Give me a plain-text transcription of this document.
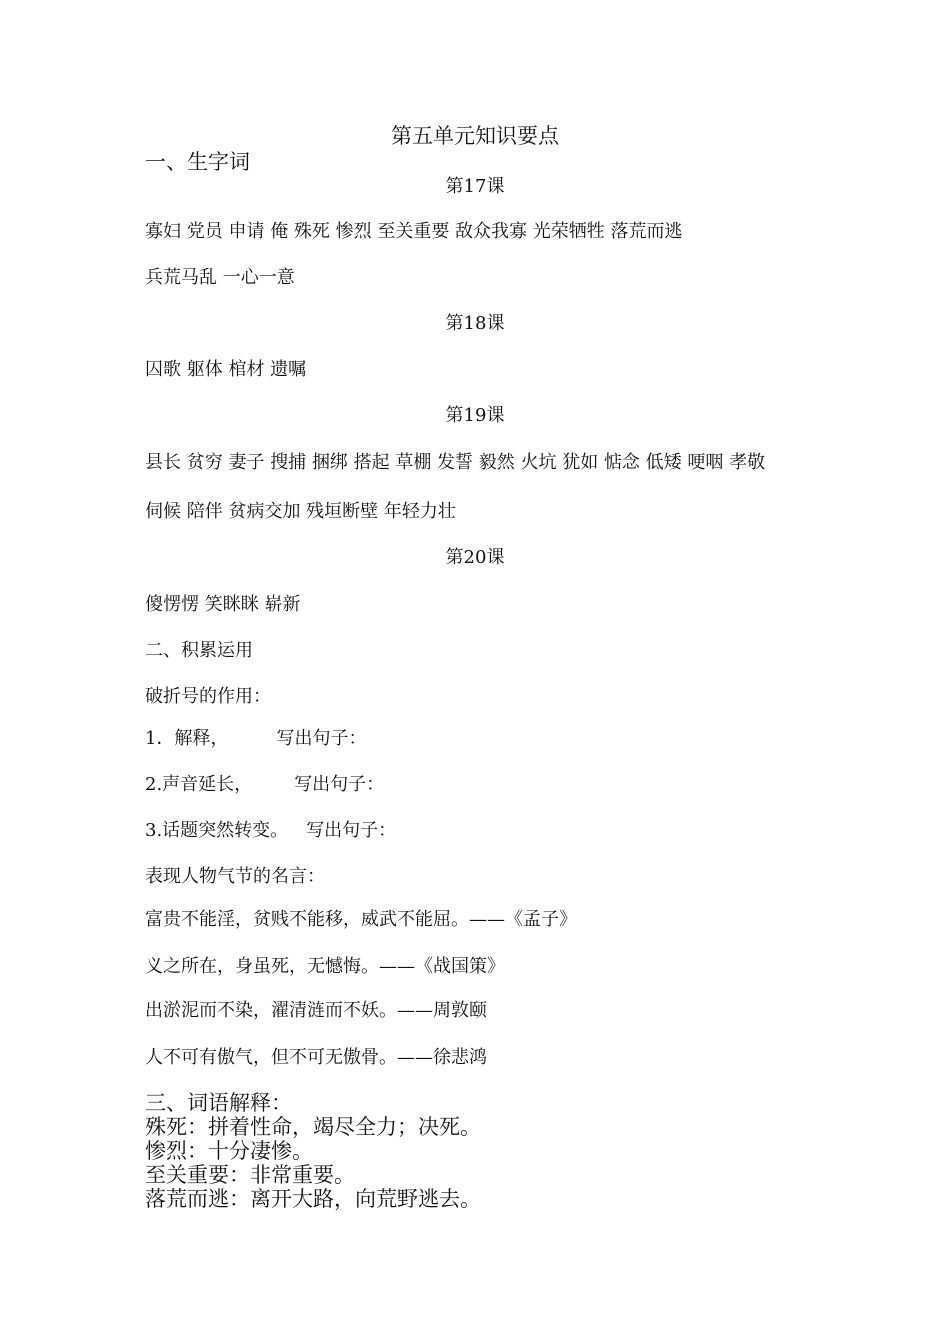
第五单元知识要点
一、生字词
第17课
寡妇 党员 申请 俺 殊死 惨烈 至关重要 敌众我寡 光荣牺牲 落荒而逃
兵荒马乱 一心一意
第18课
囚歌 躯体 棺材 遗嘱
第19课
县长 贫穷 妻子 搜捕 捆绑 搭起 草棚 发誓 毅然 火坑 犹如 惦念 低矮 哽咽 孝敬
伺候 陪伴 贫病交加 残垣断壁 年轻力壮
第20课
傻愣愣 笑眯眯 崭新
二、积累运用
破折号的作用：
1．解释，	写出句子：
2.声音延长， 写出句子：
3.话题突然转变。 写出句子：
表现人物气节的名言：
富贵不能淫，贫贱不能移，威武不能屈。——《孟子》
义之所在，身虽死，无憾悔。——《战国策》
出淤泥而不染，濯清涟而不妖。——周敦颐
人不可有傲气，但不可无傲骨。——徐悲鸿
三、词语解释：
殊死：拼着性命，竭尽全力；决死。
惨烈：十分凄惨。
至关重要：非常重要。
落荒而逃：离开大路，向荒野逃去。
